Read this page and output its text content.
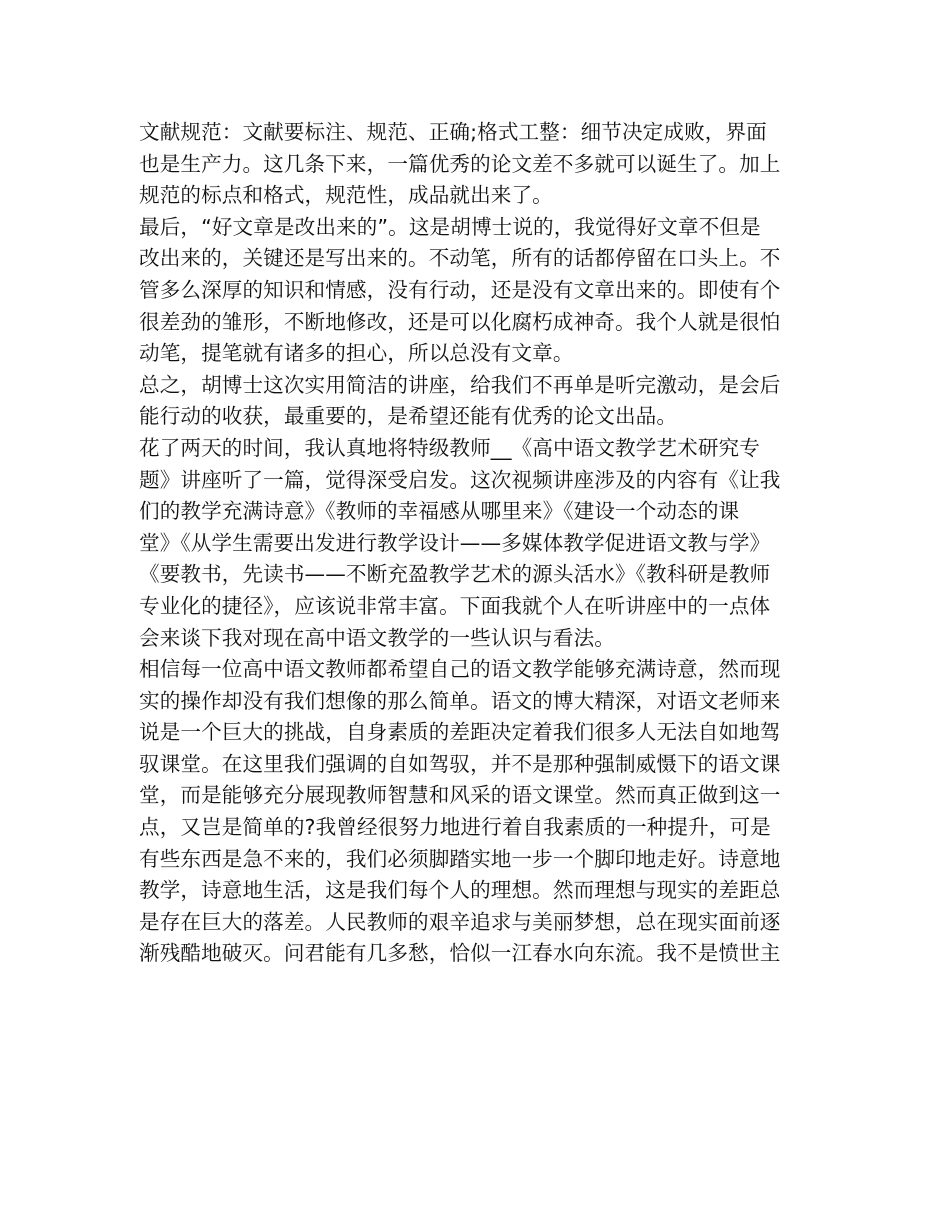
文献规范：文献要标注、规范、正确;格式工整：细节决定成败，界面
也是生产力。这几条下来，一篇优秀的论文差不多就可以诞生了。加上
规范的标点和格式，规范性，成品就出来了。
最后，“好文章是改出来的”。这是胡博士说的，我觉得好文章不但是
改出来的，关键还是写出来的。不动笔，所有的话都停留在口头上。不
管多么深厚的知识和情感，没有行动，还是没有文章出来的。即使有个
很差劲的雏形，不断地修改，还是可以化腐朽成神奇。我个人就是很怕
动笔，提笔就有诸多的担心，所以总没有文章。
总之，胡博士这次实用简洁的讲座，给我们不再单是听完激动，是会后
能行动的收获，最重要的，是希望还能有优秀的论文出品。
花了两天的时间，我认真地将特级教师__《高中语文教学艺术研究专
题》讲座听了一篇，觉得深受启发。这次视频讲座涉及的内容有《让我
们的教学充满诗意》《教师的幸福感从哪里来》《建设一个动态的课
堂》《从学生需要出发进行教学设计——多媒体教学促进语文教与学》
《要教书，先读书——不断充盈教学艺术的源头活水》《教科研是教师
专业化的捷径》，应该说非常丰富。下面我就个人在听讲座中的一点体
会来谈下我对现在高中语文教学的一些认识与看法。
相信每一位高中语文教师都希望自己的语文教学能够充满诗意，然而现
实的操作却没有我们想像的那么简单。语文的博大精深，对语文老师来
说是一个巨大的挑战，自身素质的差距决定着我们很多人无法自如地驾
驭课堂。在这里我们强调的自如驾驭，并不是那种强制威慑下的语文课
堂，而是能够充分展现教师智慧和风采的语文课堂。然而真正做到这一
点，又岂是简单的?我曾经很努力地进行着自我素质的一种提升，可是
有些东西是急不来的，我们必须脚踏实地一步一个脚印地走好。诗意地
教学，诗意地生活，这是我们每个人的理想。然而理想与现实的差距总
是存在巨大的落差。人民教师的艰辛追求与美丽梦想，总在现实面前逐
渐残酷地破灭。问君能有几多愁，恰似一江春水向东流。我不是愤世主
